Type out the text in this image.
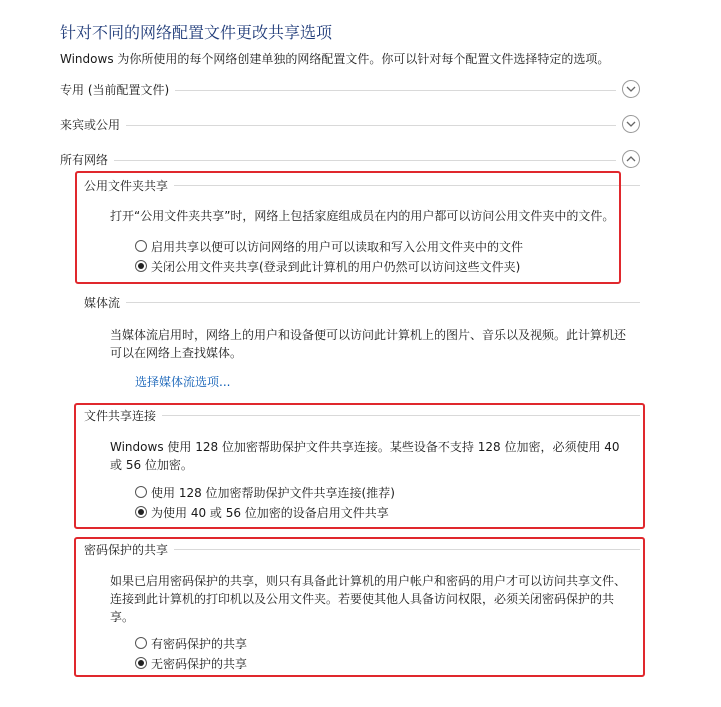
针对不同的网络配置文件更改共享选项
Windows 为你所使用的每个网络创建单独的网络配置文件。你可以针对每个配置文件选择特定的选项。
专用 (当前配置文件)
来宾或公用
所有网络
公用文件夹共享
打开“公用文件夹共享”时，网络上包括家庭组成员在内的用户都可以访问公用文件夹中的文件。
启用共享以便可以访问网络的用户可以读取和写入公用文件夹中的文件
关闭公用文件夹共享(登录到此计算机的用户仍然可以访问这些文件夹)
媒体流
当媒体流启用时，网络上的用户和设备便可以访问此计算机上的图片、音乐以及视频。此计算机还可以在网络上查找媒体。
选择媒体流选项...
文件共享连接
Windows 使用 128 位加密帮助保护文件共享连接。某些设备不支持 128 位加密，必须使用 40 或 56 位加密。
使用 128 位加密帮助保护文件共享连接(推荐)
为使用 40 或 56 位加密的设备启用文件共享
密码保护的共享
如果已启用密码保护的共享，则只有具备此计算机的用户帐户和密码的用户才可以访问共享文件、连接到此计算机的打印机以及公用文件夹。若要使其他人具备访问权限，必须关闭密码保护的共享。
有密码保护的共享
无密码保护的共享
